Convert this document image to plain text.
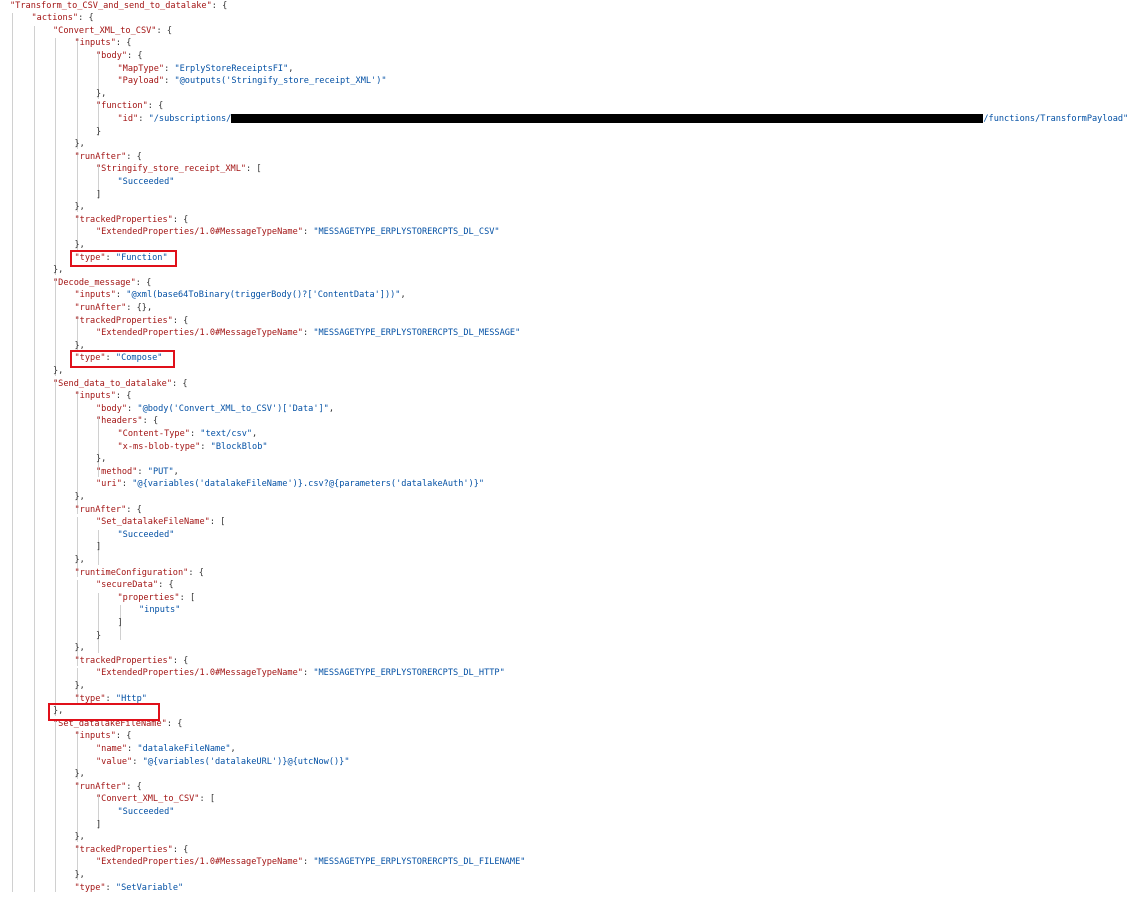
"Transform_to_CSV_and_send_to_datalake": {
"actions": {
"Convert_XML_to_CSV": {
"inputs": {
"body": {
"MapType": "ErplyStoreReceiptsFI",
"Payload": "@outputs('Stringify_store_receipt_XML')"
},
"function": {
"id": "/subscriptions/	/functions/TransformPayload"
}
},
"runAfter": {
"Stringify_store_receipt_XML": [
"Succeeded"
]
},
"trackedProperties": {
"ExtendedProperties/1.0#MessageTypeName": "MESSAGETYPE_ERPLYSTORERCPTS_DL_CSV"
},
"type": "Function"
},
"Decode_message": {
"inputs": "@xml(base64ToBinary(triggerBody()?['ContentData']))",
"runAfter": {},
"trackedProperties": {
"ExtendedProperties/1.0#MessageTypeName": "MESSAGETYPE_ERPLYSTORERCPTS_DL_MESSAGE"
},
"type": "Compose"
},
"Send_data_to_datalake": {
"inputs": {
"body": "@body('Convert_XML_to_CSV')['Data']",
"headers": {
"Content-Type": "text/csv",
"x-ms-blob-type": "BlockBlob"
},
"method": "PUT",
"uri": "@{variables('datalakeFileName')}.csv?@{parameters('datalakeAuth')}"
},
"runAfter": {
"Set_datalakeFileName": [
"Succeeded"
]
},
"runtimeConfiguration": {
"secureData": {
"properties": [
"inputs"
]
}
},
"trackedProperties": {
"ExtendedProperties/1.0#MessageTypeName": "MESSAGETYPE_ERPLYSTORERCPTS_DL_HTTP"
},
"type": "Http"
},
"Set_datalakeFileName": {
"inputs": {
"name": "datalakeFileName",
"value": "@{variables('datalakeURL')}@{utcNow()}"
},
"runAfter": {
"Convert_XML_to_CSV": [
"Succeeded"
]
},
"trackedProperties": {
"ExtendedProperties/1.0#MessageTypeName": "MESSAGETYPE_ERPLYSTORERCPTS_DL_FILENAME"
},
"type": "SetVariable"
